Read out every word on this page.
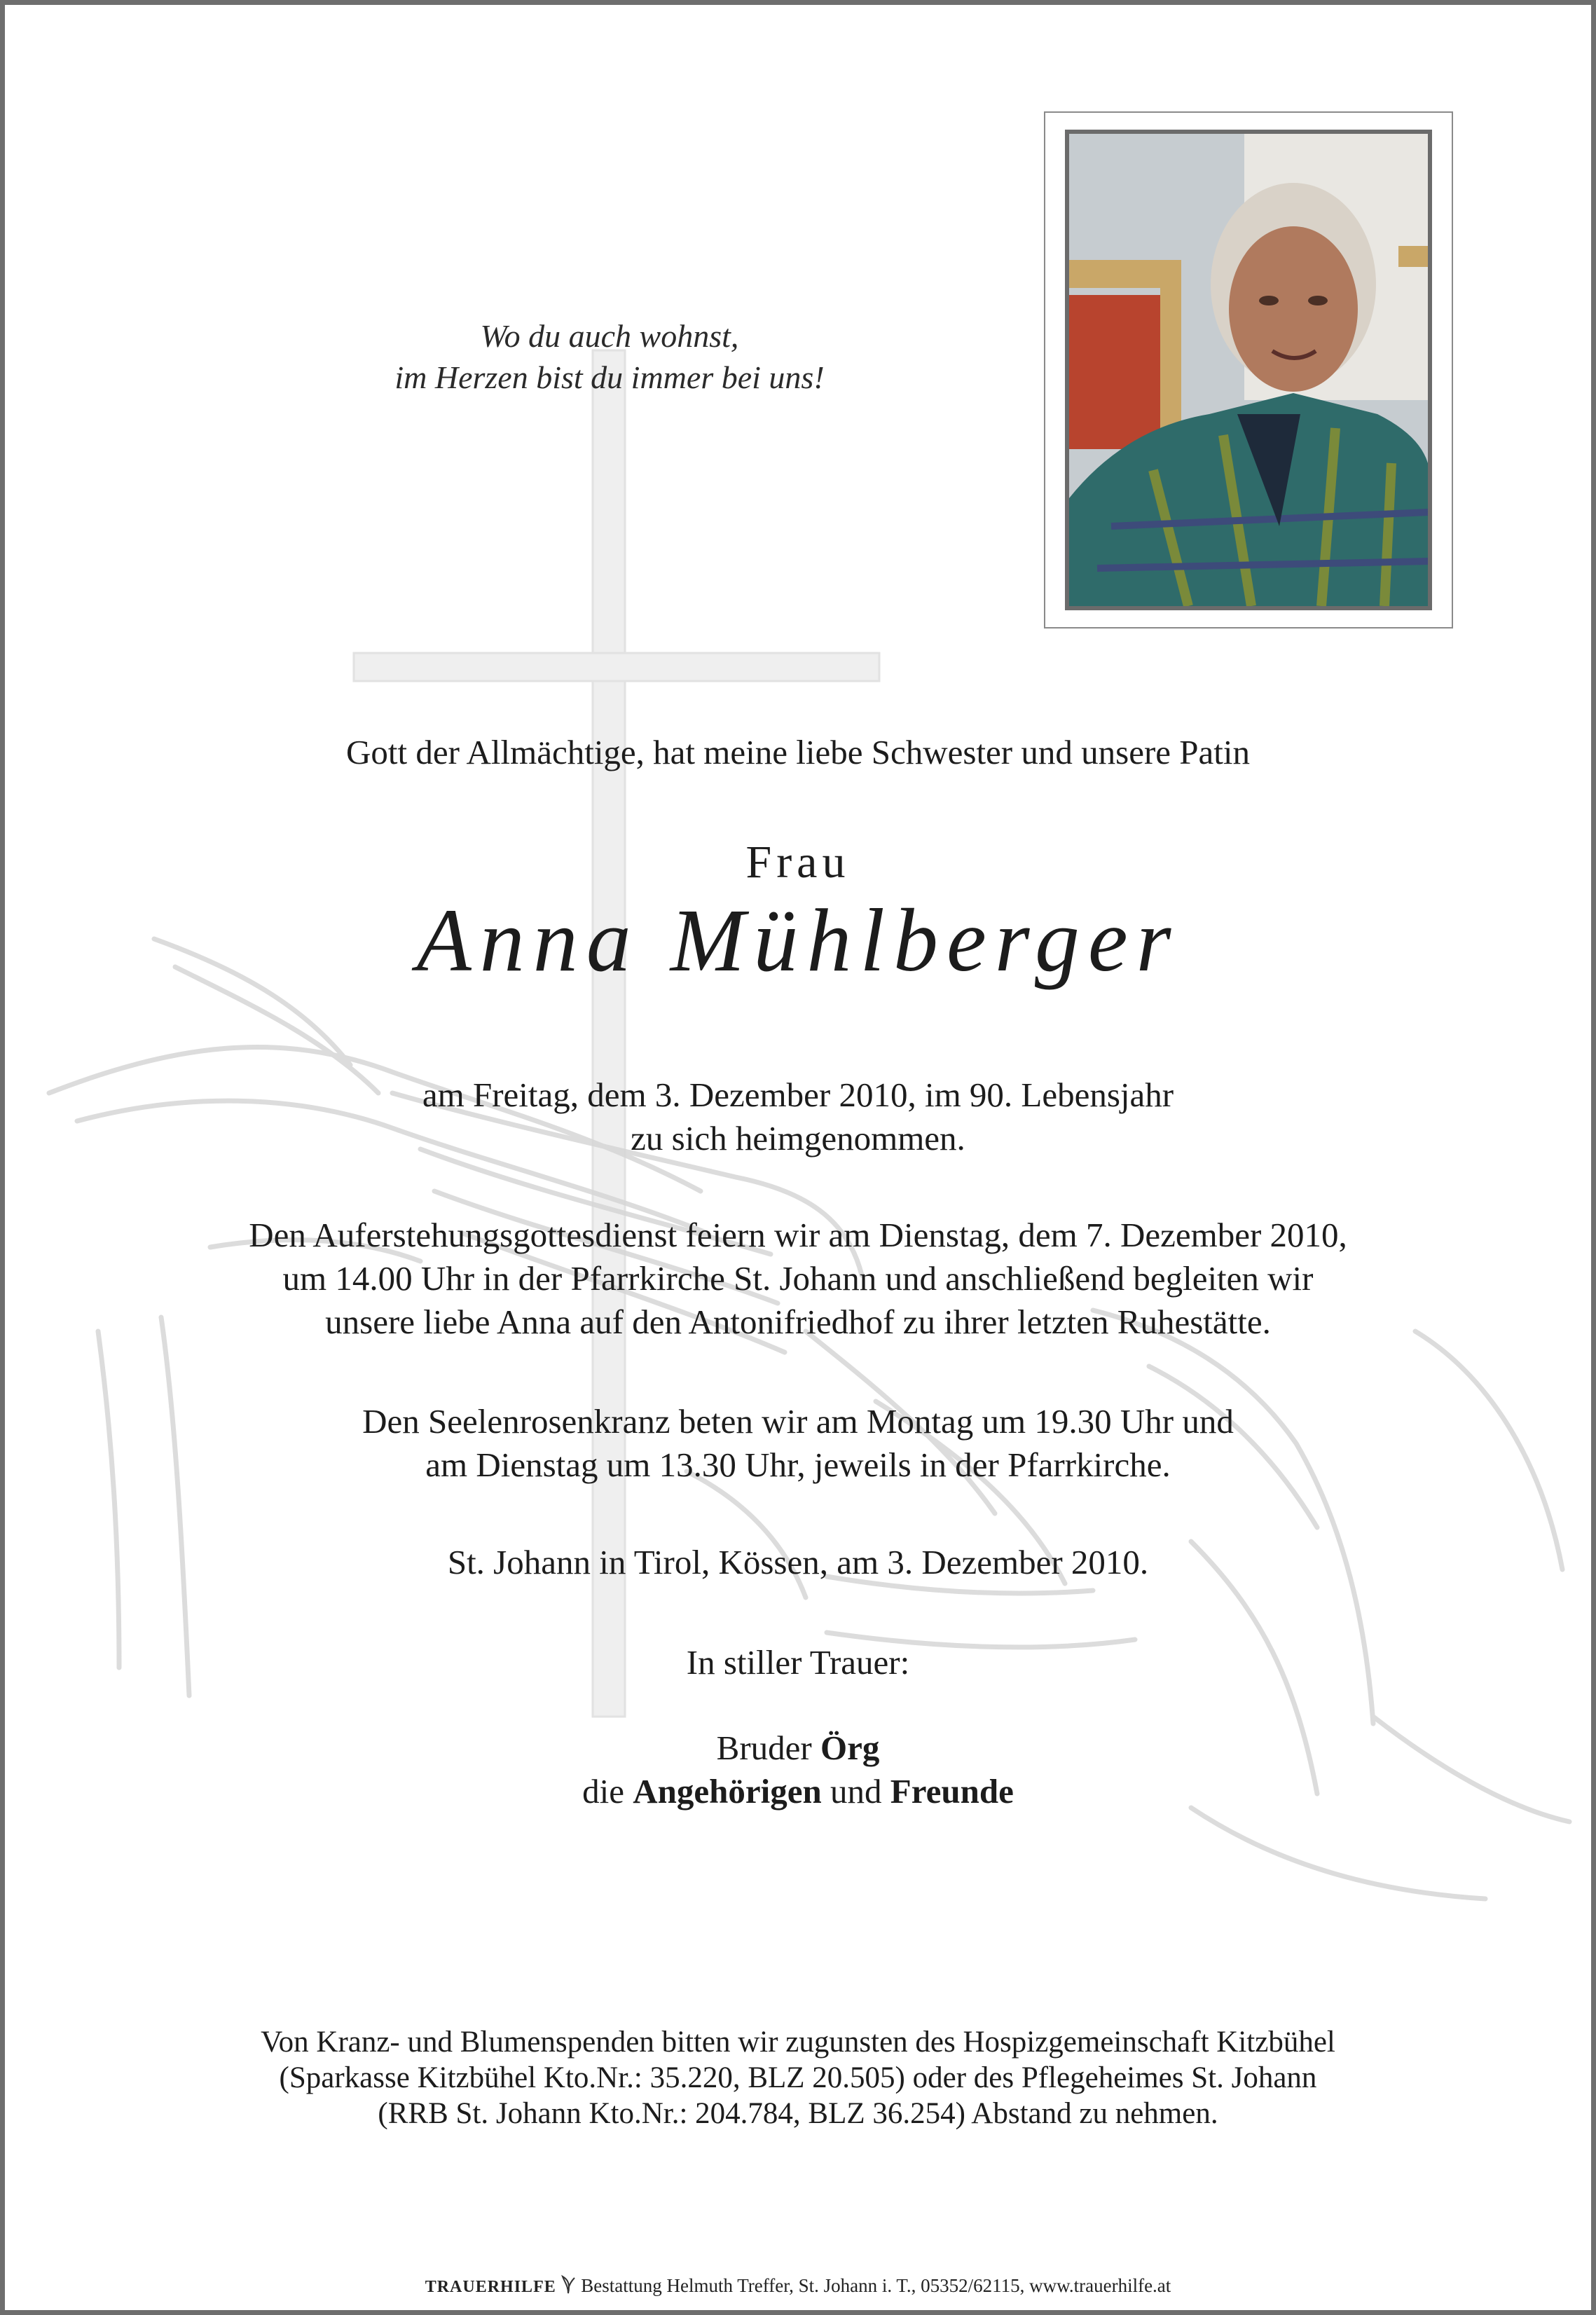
Wo du auch wohnst,
im Herzen bist du immer bei uns!
Gott der Allmächtige, hat meine liebe Schwester und unsere Patin
Frau
Anna Mühlberger
am Freitag, dem 3. Dezember 2010, im 90. Lebensjahr
zu sich heimgenommen.
Den Auferstehungsgottesdienst feiern wir am Dienstag, dem 7. Dezember 2010,
um 14.00 Uhr in der Pfarrkirche St. Johann und anschließend begleiten wir
unsere liebe Anna auf den Antonifriedhof zu ihrer letzten Ruhestätte.
Den Seelenrosenkranz beten wir am Montag um 19.30 Uhr und
am Dienstag um 13.30 Uhr, jeweils in der Pfarrkirche.
St. Johann in Tirol, Kössen, am 3. Dezember 2010.
In stiller Trauer:
Bruder Örg
die Angehörigen und Freunde
Von Kranz- und Blumenspenden bitten wir zugunsten des Hospizgemeinschaft Kitzbühel
(Sparkasse Kitzbühel Kto.Nr.: 35.220, BLZ 20.505) oder des Pflegeheimes St. Johann
(RRB St. Johann Kto.Nr.: 204.784, BLZ 36.254) Abstand zu nehmen.
TRAUERHILFE Bestattung Helmuth Treffer, St. Johann i. T., 05352/62115, www.trauerhilfe.at
